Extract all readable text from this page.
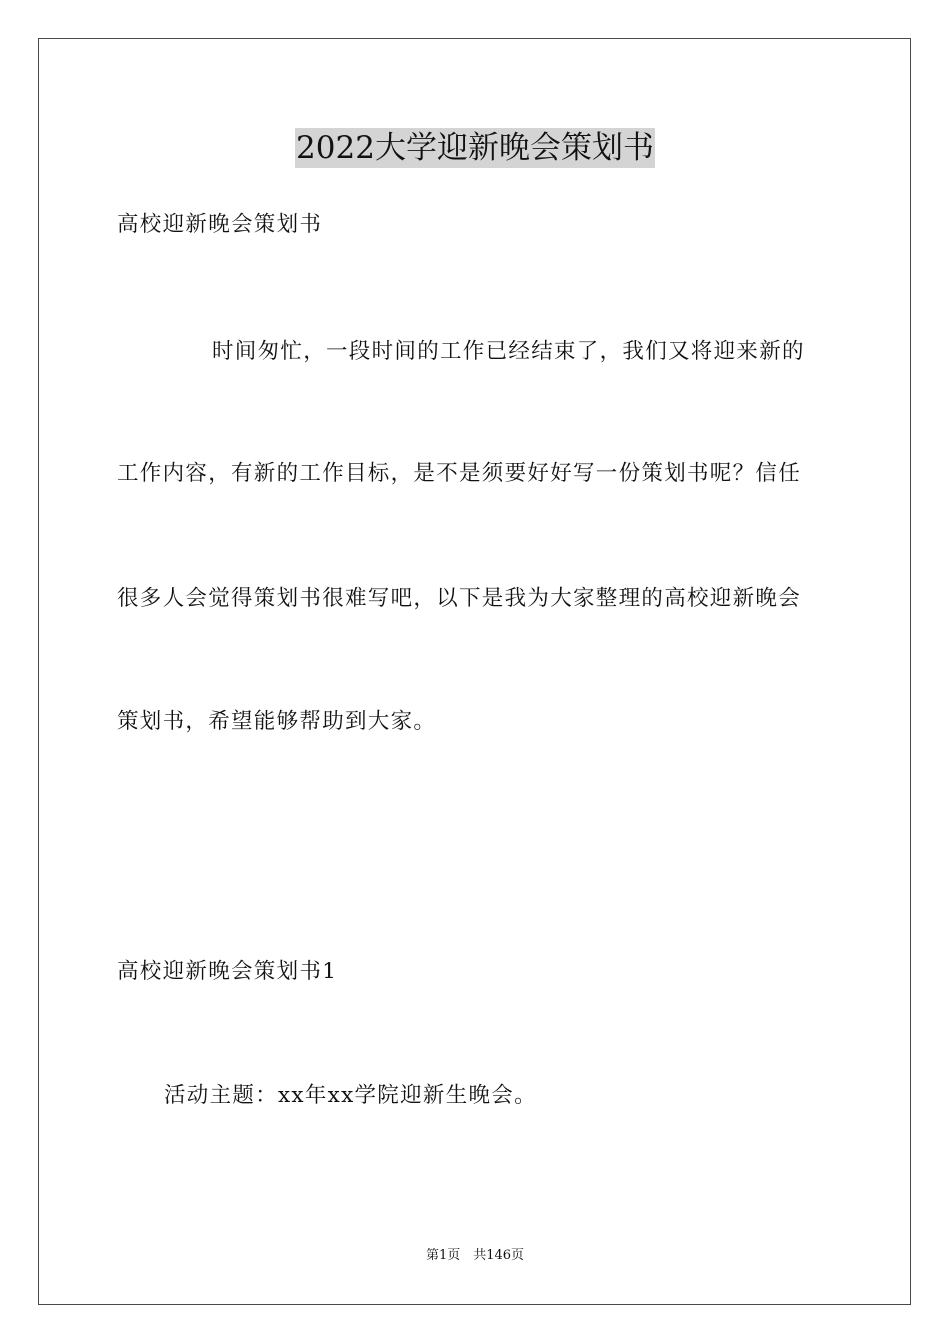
2022大学迎新晚会策划书

高校迎新晚会策划书

时间匆忙，一段时间的工作已经结束了，我们又将迎来新的

工作内容，有新的工作目标，是不是须要好好写一份策划书呢？信任

很多人会觉得策划书很难写吧，以下是我为大家整理的高校迎新晚会

策划书，希望能够帮助到大家。

高校迎新晚会策划书1

活动主题：xx年xx学院迎新生晚会。

第1页　共146页
